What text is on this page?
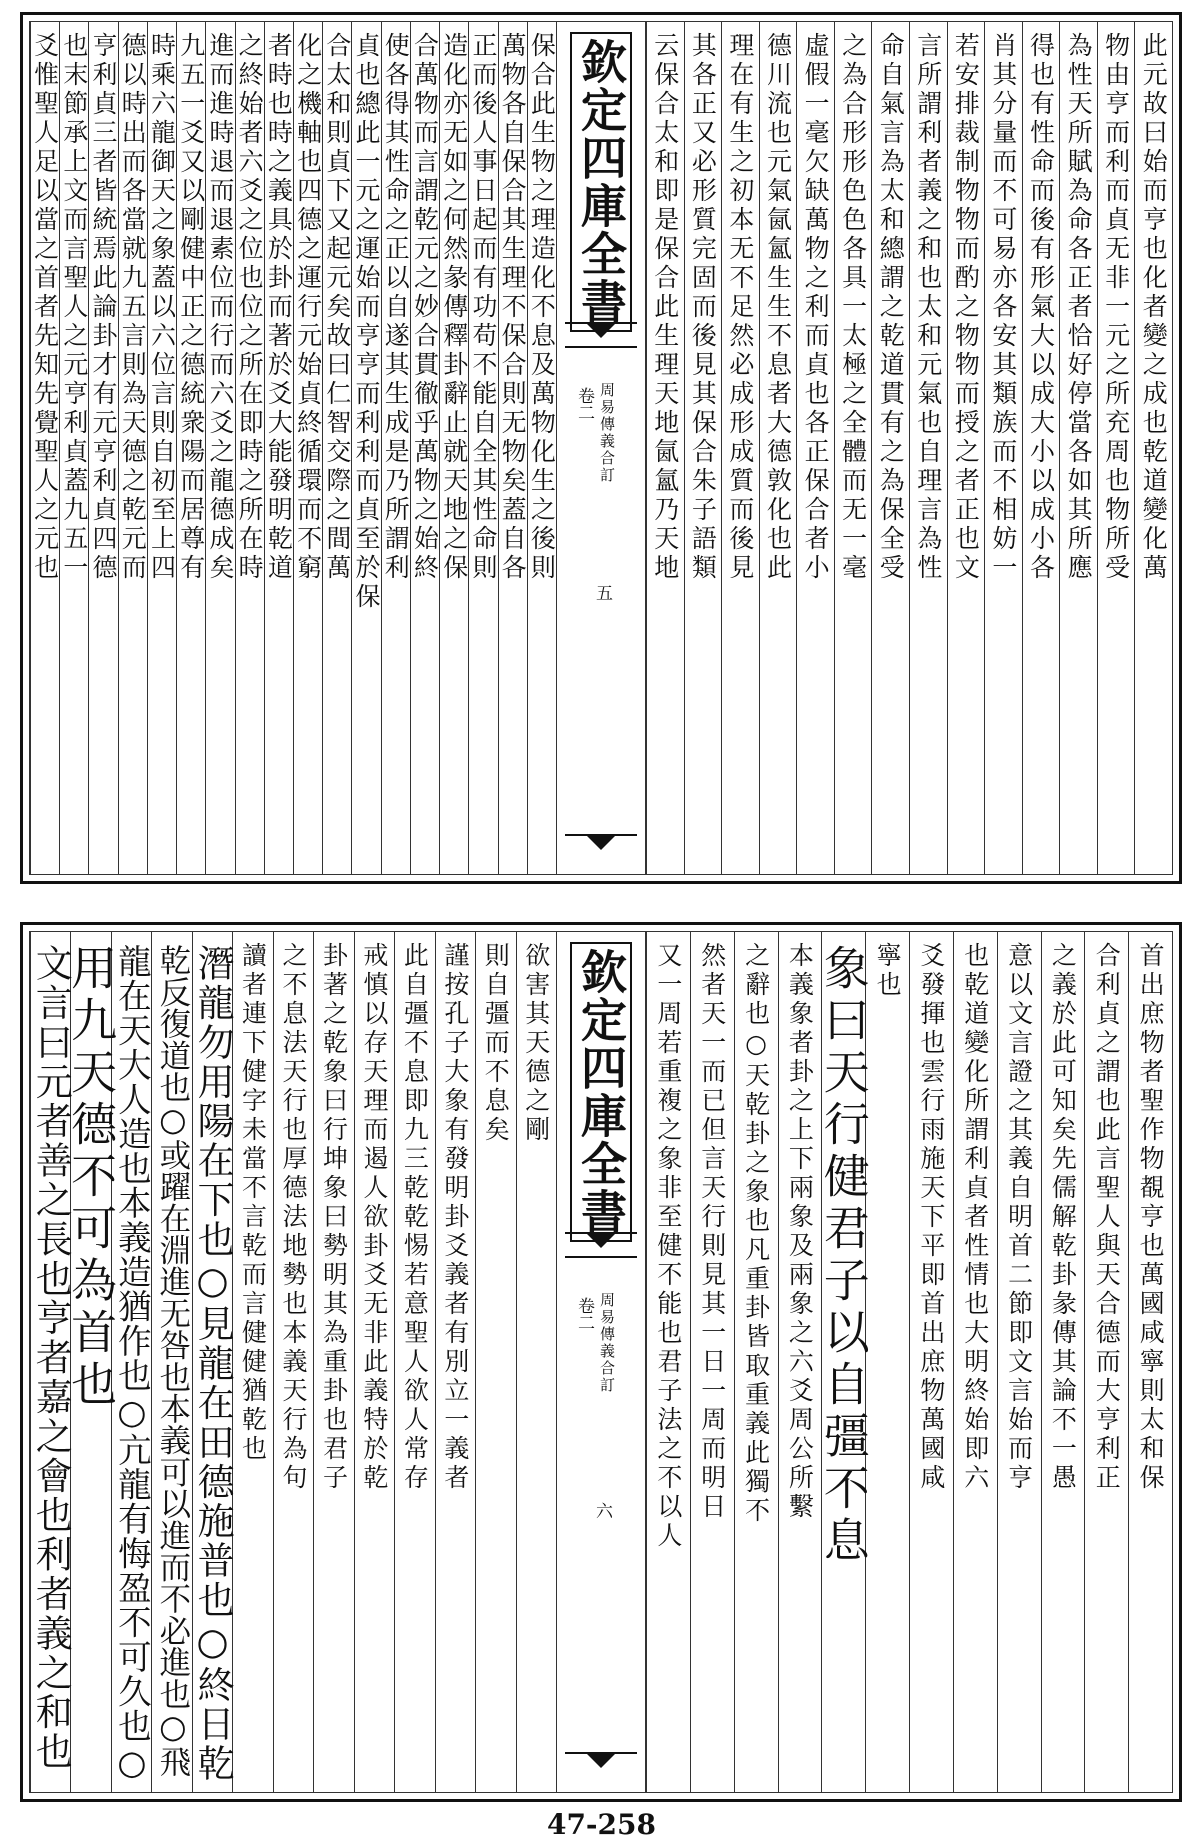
此元故曰始而亨也化者變之成也乾道變化萬
物由亨而利而貞无非一元之所充周也物所受
為性天所賦為命各正者恰好停當各如其所應
得也有性命而後有形氣大以成大小以成小各
肖其分量而不可易亦各安其類族而不相妨一
若安排裁制物物而酌之物物而授之者正也文
言所謂利者義之和也太和元氣也自理言為性
命自氣言為太和總謂之乾道貫有之為保全受
之為合形形色色各具一太極之全體而无一毫
虛假一毫欠缺萬物之利而貞也各正保合者小
德川流也元氣氤氳生生不息者大德敦化也此
理在有生之初本无不足然必成形成質而後見
其各正又必形質完固而後見其保合朱子語類
云保合太和即是保合此生理天地氤氳乃天地
保合此生物之理造化不息及萬物化生之後則
萬物各自保合其生理不保合則无物矣蓋自各
正而後人事日起而有功苟不能自全其性命則
造化亦无如之何然彖傳釋卦辭止就天地之保
合萬物而言謂乾元之妙合貫徹乎萬物之始終
使各得其性命之正以自遂其生成是乃所謂利
貞也總此一元之運始而亨亨而利利而貞至於保
合太和則貞下又起元矣故曰仁智交際之間萬
化之機軸也四德之運行元始貞終循環而不窮
者時也時之義具於卦而著於爻大能發明乾道
之終始者六爻之位也位之所在即時之所在時
進而進時退而退素位而行而六爻之龍德成矣
九五一爻又以剛健中正之德統衆陽而居尊有
時乘六龍御天之象蓋以六位言則自初至上四
德以時出而各當就九五言則為天德之乾元而
亨利貞三者皆統焉此論卦才有元亨利貞四德
也末節承上文而言聖人之元亨利貞蓋九五一
爻惟聖人足以當之首者先知先覺聖人之元也	欽定四庫全書
周易傳義合訂
卷二
五
首出庶物者聖作物覩亨也萬國咸寧則太和保
合利貞之謂也此言聖人與天合德而大亨利正
之義於此可知矣先儒解乾卦彖傳其論不一愚
意以文言證之其義自明首二節即文言始而亨
也乾道變化所謂利貞者性情也大明終始即六
爻發揮也雲行雨施天下平即首出庶物萬國咸
寧也
象曰天行健君子以自彊不息
本義象者卦之上下兩象及兩象之六爻周公所繫
之辭也○天乾卦之象也凡重卦皆取重義此獨不
然者天一而已但言天行則見其一日一周而明日
又一周若重複之象非至健不能也君子法之不以人
欲害其天德之剛
則自彊而不息矣
謹按孔子大象有發明卦爻義者有別立一義者
此自彊不息即九三乾乾惕若意聖人欲人常存
戒慎以存天理而遏人欲卦爻无非此義特於乾
卦著之乾象曰行坤象曰勢明其為重卦也君子
之不息法天行也厚德法地勢也本義天行為句
讀者連下健字未當不言乾而言健健猶乾也
潛龍勿用陽在下也○見龍在田德施普也○終日乾
乾反復道也○或躍在淵進无咎也本義可以進而不必進也○飛
龍在天大人造也本義造猶作也○亢龍有悔盈不可久也○
用九天德不可為首也
文言曰元者善之長也亨者嘉之會也利者義之和也	欽定四庫全書
周易傳義合訂
卷二
六
47-258
